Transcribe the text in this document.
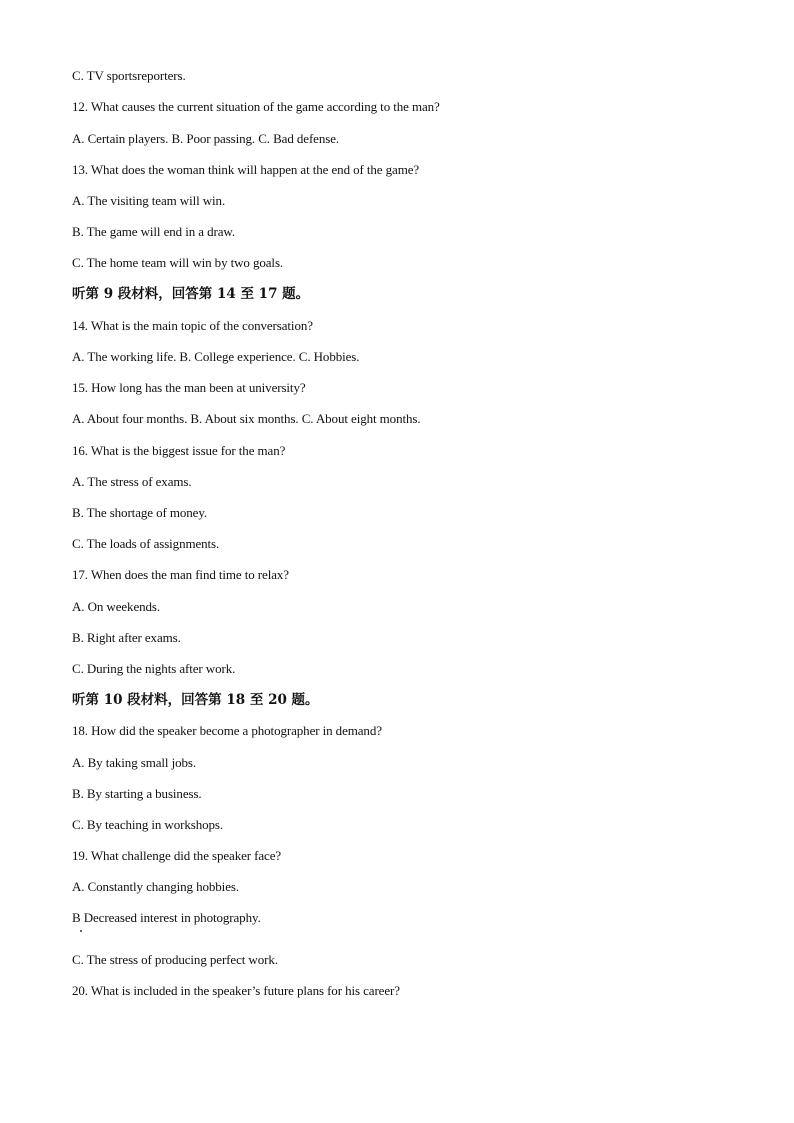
C. TV sportsreporters.
12. What causes the current situation of the game according to the man?
A. Certain players. B. Poor passing. C. Bad defense.
13. What does the woman think will happen at the end of the game?
A. The visiting team will win.
B. The game will end in a draw.
C. The home team will win by two goals.
听第 9 段材料，回答第 14 至 17 题。
14. What is the main topic of the conversation?
A. The working life. B. College experience. C. Hobbies.
15. How long has the man been at university?
A. About four months. B. About six months. C. About eight months.
16. What is the biggest issue for the man?
A. The stress of exams.
B. The shortage of money.
C. The loads of assignments.
17. When does the man find time to relax?
A. On weekends.
B. Right after exams.
C. During the nights after work.
听第 10 段材料，回答第 18 至 20 题。
18. How did the speaker become a photographer in demand?
A. By taking small jobs.
B. By starting a business.
C. By teaching in workshops.
19. What challenge did the speaker face?
A. Constantly changing hobbies.
B Decreased interest in photography.
C. The stress of producing perfect work.
20. What is included in the speaker’s future plans for his career?
